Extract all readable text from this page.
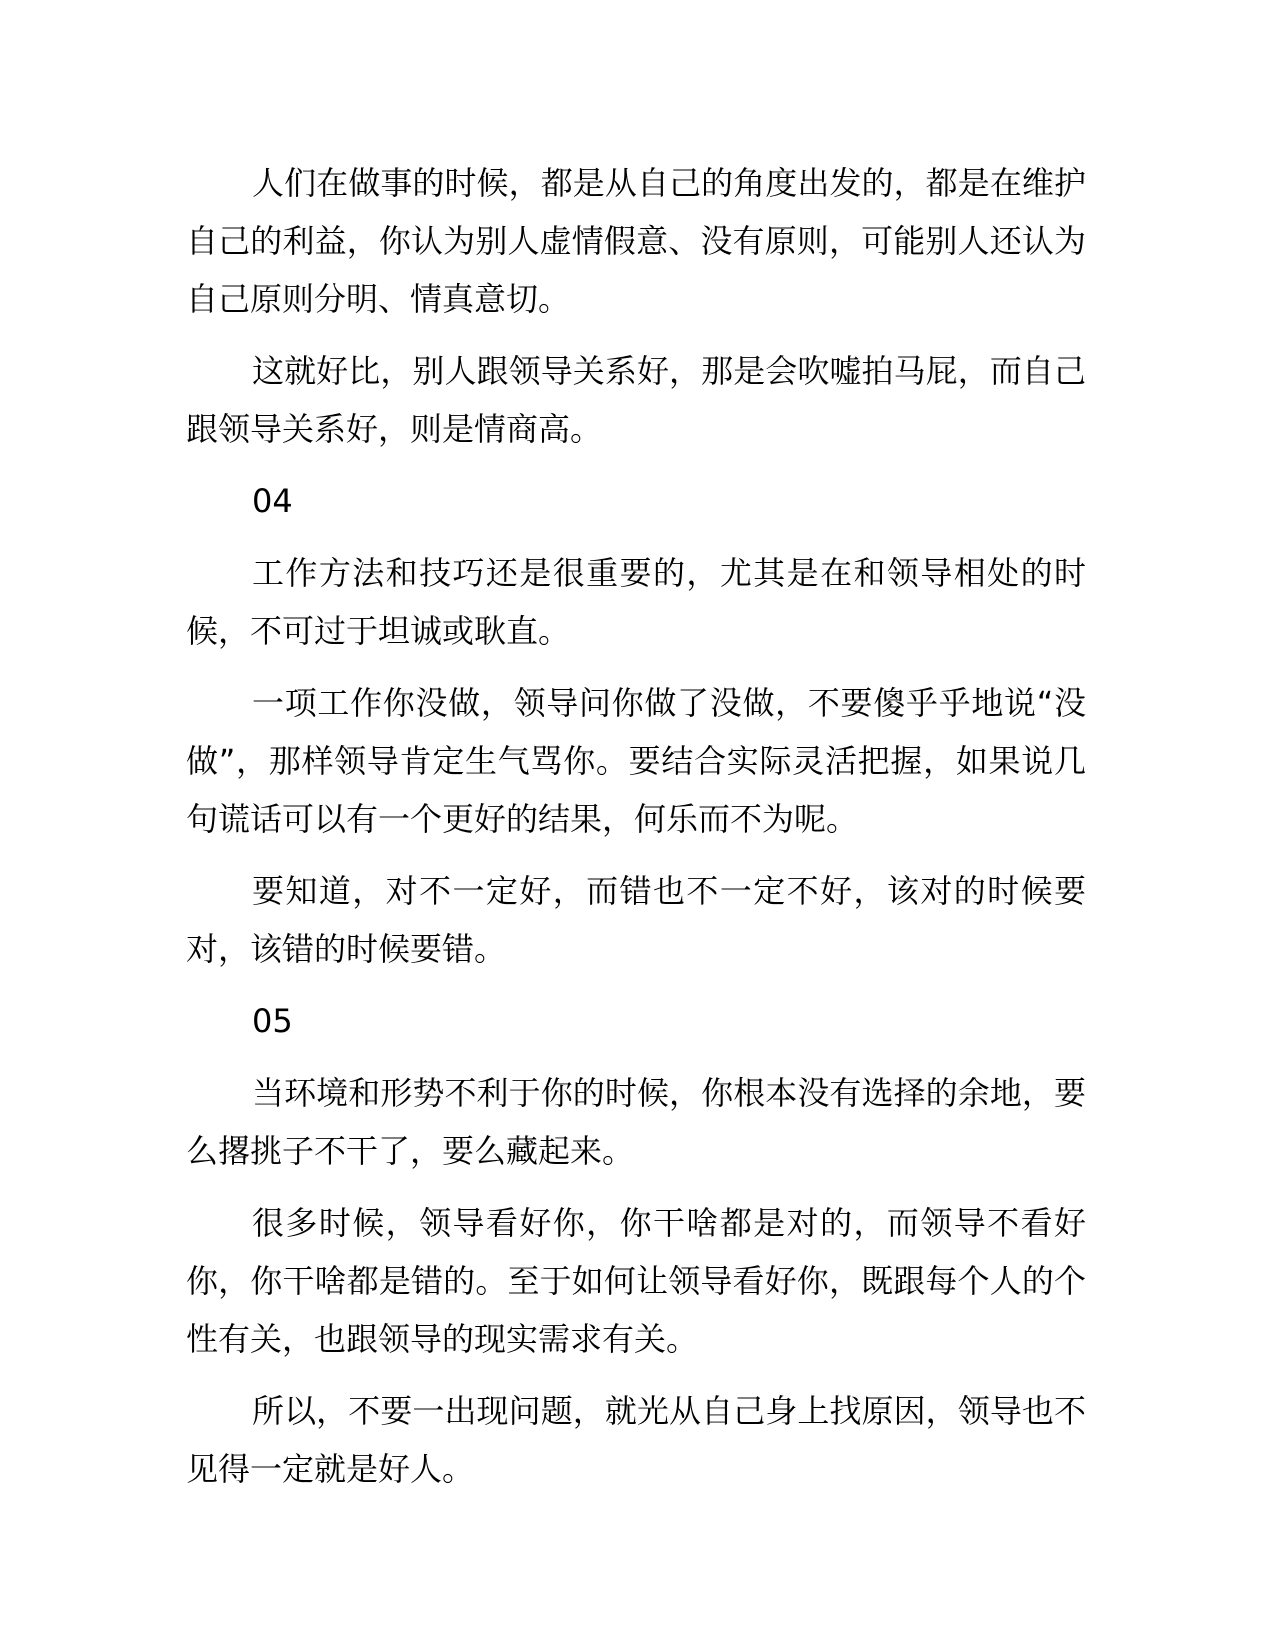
人们在做事的时候，都是从自己的角度出发的，都是在维护自己的利益，你认为别人虚情假意、没有原则，可能别人还认为自己原则分明、情真意切。

这就好比，别人跟领导关系好，那是会吹嘘拍马屁，而自己跟领导关系好，则是情商高。

04

工作方法和技巧还是很重要的，尤其是在和领导相处的时候，不可过于坦诚或耿直。

一项工作你没做，领导问你做了没做，不要傻乎乎地说“没做”，那样领导肯定生气骂你。要结合实际灵活把握，如果说几句谎话可以有一个更好的结果，何乐而不为呢。

要知道，对不一定好，而错也不一定不好，该对的时候要对，该错的时候要错。

05

当环境和形势不利于你的时候，你根本没有选择的余地，要么撂挑子不干了，要么藏起来。

很多时候，领导看好你，你干啥都是对的，而领导不看好你，你干啥都是错的。至于如何让领导看好你，既跟每个人的个性有关，也跟领导的现实需求有关。

所以，不要一出现问题，就光从自己身上找原因，领导也不见得一定就是好人。
